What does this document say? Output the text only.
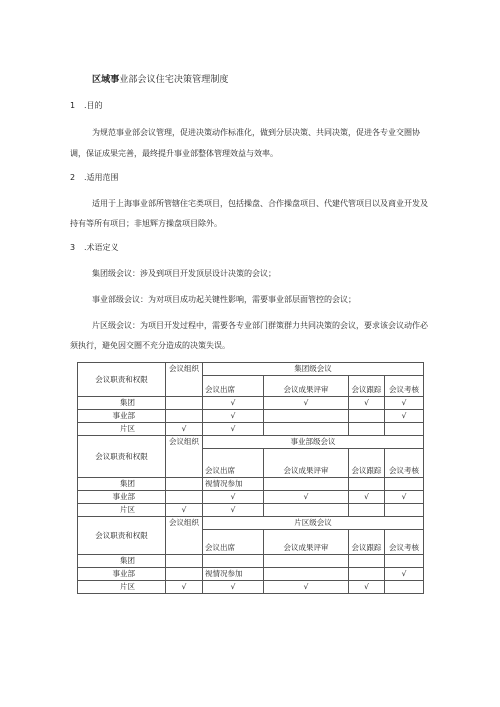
区域事业部会议住宅决策管理制度
1 .目的
为规范事业部会议管理，促进决策动作标准化，做到分层决策、共同决策，促进各专业交圈协
调，保证成果完善，最终提升事业部整体管理效益与效率。
2 .适用范围
适用于上海事业部所管辖住宅类项目，包括操盘、合作操盘项目、代建代管项目以及商业开发及
持有等所有项目；非旭辉方操盘项目除外。
3 .术语定义
集团级会议：涉及到项目开发顶层设计决策的会议；
事业部级会议：为对项目成功起关键性影响，需要事业部层面管控的会议；
片区级会议：为项目开发过程中，需要各专业部门群策群力共同决策的会议，要求该会议动作必
须执行，避免因交圈不充分造成的决策失误。
会议职责和权限	会议组织	集团级会议			
		会议出席	会议成果评审	会议跟踪	会议考核
集团		√	√	√	√
事业部		√			√
片区	√	√			
会议职责和权限	会议组织	事业部级会议			
		会议出席	会议成果评审	会议跟踪	会议考核
集团		视情况参加			
事业部		√	√	√	√
片区	√	√			
会议职责和权限	会议组织	片区级会议			
		会议出席	会议成果评审	会议跟踪	会议考核
集团					
事业部		视情况参加			√
片区	√	√	√	√	
